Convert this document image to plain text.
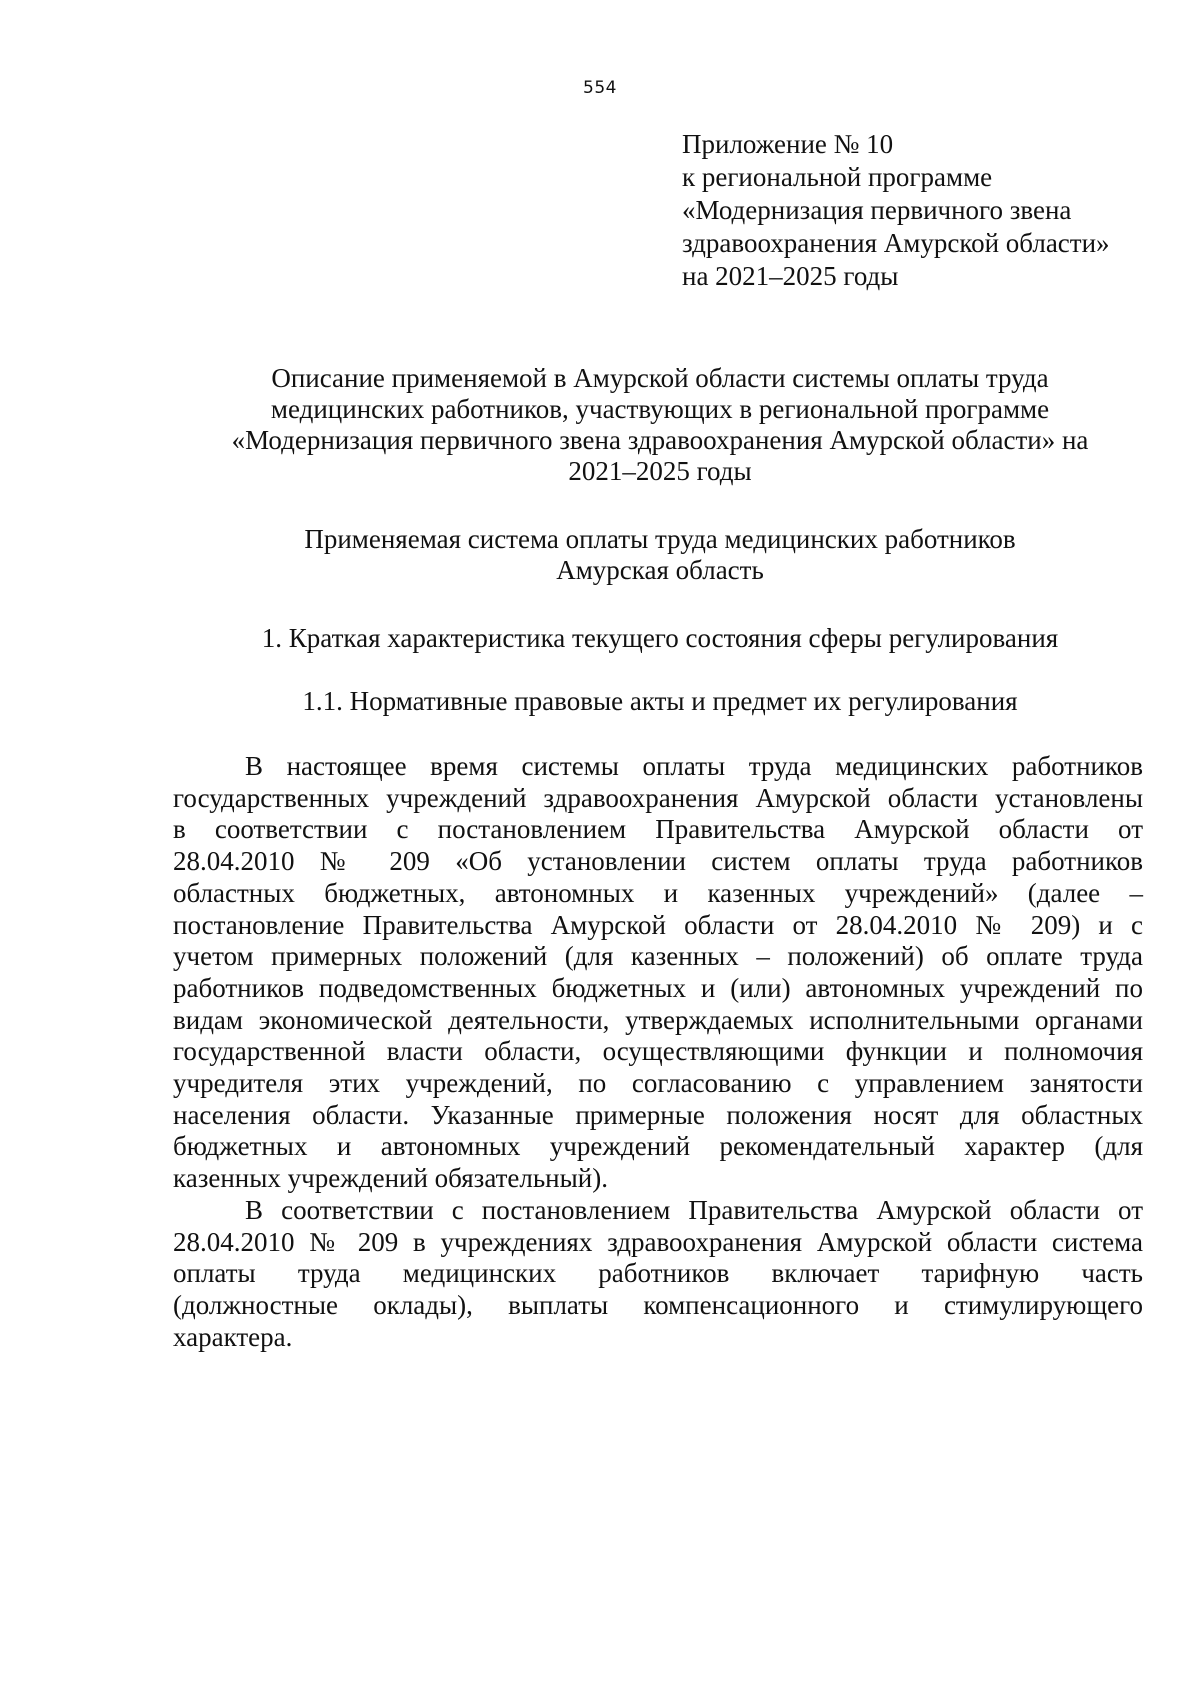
554
Приложение № 10
к региональной программе
«Модернизация первичного звена
здравоохранения Амурской области»
на 2021–2025 годы
Описание применяемой в Амурской области системы оплаты труда
медицинских работников, участвующих в региональной программе
«Модернизация первичного звена здравоохранения Амурской области» на
2021–2025 годы
Применяемая система оплаты труда медицинских работников
Амурская область
1. Краткая характеристика текущего состояния сферы регулирования
1.1. Нормативные правовые акты и предмет их регулирования
В настоящее время системы оплаты труда медицинских работников
государственных учреждений здравоохранения Амурской области установлены
в соответствии с постановлением Правительства Амурской области от
28.04.2010 № 209 «Об установлении систем оплаты труда работников
областных бюджетных, автономных и казенных учреждений» (далее –
постановление Правительства Амурской области от 28.04.2010 № 209) и с
учетом примерных положений (для казенных – положений) об оплате труда
работников подведомственных бюджетных и (или) автономных учреждений по
видам экономической деятельности, утверждаемых исполнительными органами
государственной власти области, осуществляющими функции и полномочия
учредителя этих учреждений, по согласованию с управлением занятости
населения области. Указанные примерные положения носят для областных
бюджетных и автономных учреждений рекомендательный характер (для
казенных учреждений обязательный).
В соответствии с постановлением Правительства Амурской области от
28.04.2010 № 209 в учреждениях здравоохранения Амурской области система
оплаты труда медицинских работников включает тарифную часть
(должностные оклады), выплаты компенсационного и стимулирующего
характера.
